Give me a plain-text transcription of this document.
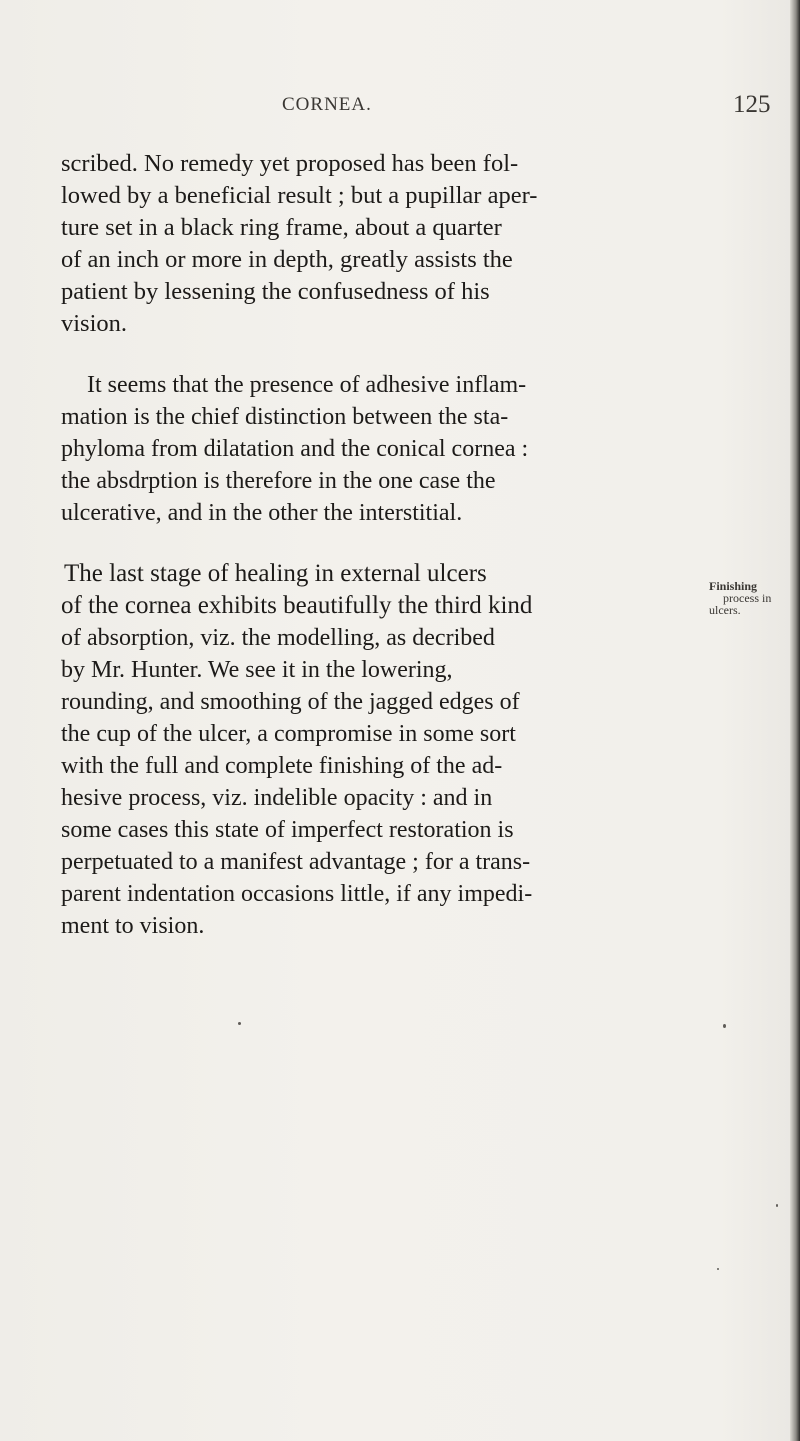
CORNEA.	125

scribed. No remedy yet proposed has been fol-
lowed by a beneficial result ; but a pupillar aper-
ture set in a black ring frame, about a quarter
of an inch or more in depth, greatly assists the
patient by lessening the confusedness of his
vision.

It seems that the presence of adhesive inflam-
mation is the chief distinction between the sta-
phyloma from dilatation and the conical cornea :
the absdrption is therefore in the one case the
ulcerative, and in the other the interstitial.

The last stage of healing in external ulcers
of the cornea exhibits beautifully the third kind
of absorption, viz. the modelling, as decribed
by Mr. Hunter. We see it in the lowering,
rounding, and smoothing of the jagged edges of
the cup of the ulcer, a compromise in some sort
with the full and complete finishing of the ad-
hesive process, viz. indelible opacity : and in
some cases this state of imperfect restoration is
perpetuated to a manifest advantage ; for a trans-
parent indentation occasions little, if any impedi-
ment to vision.

Finishing
process in
ulcers.
